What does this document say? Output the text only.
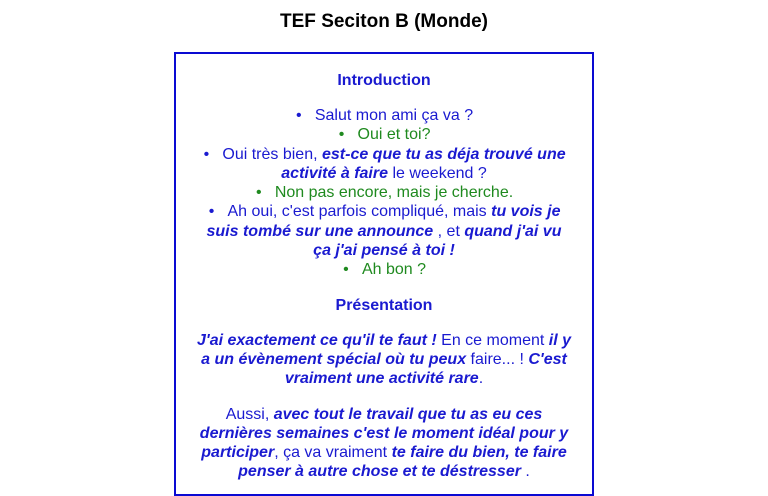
TEF Seciton B (Monde)
Introduction
• Salut mon ami ça va ?
• Oui et toi?
• Oui très bien, est-ce que tu as déja trouvé une activité à faire le weekend ?
• Non pas encore, mais je cherche.
• Ah oui, c'est parfois compliqué, mais tu vois je suis tombé sur une announce , et quand j'ai vu ça j'ai pensé à toi !
• Ah bon ?
Présentation

J'ai exactement ce qu'il te faut ! En ce moment il y a un évènement spécial où tu peux faire... ! C'est vraiment une activité rare.

Aussi, avec tout le travail que tu as eu ces dernières semaines c'est le moment idéal pour y participer, ça va vraiment te faire du bien, te faire penser à autre chose et te déstresser .
